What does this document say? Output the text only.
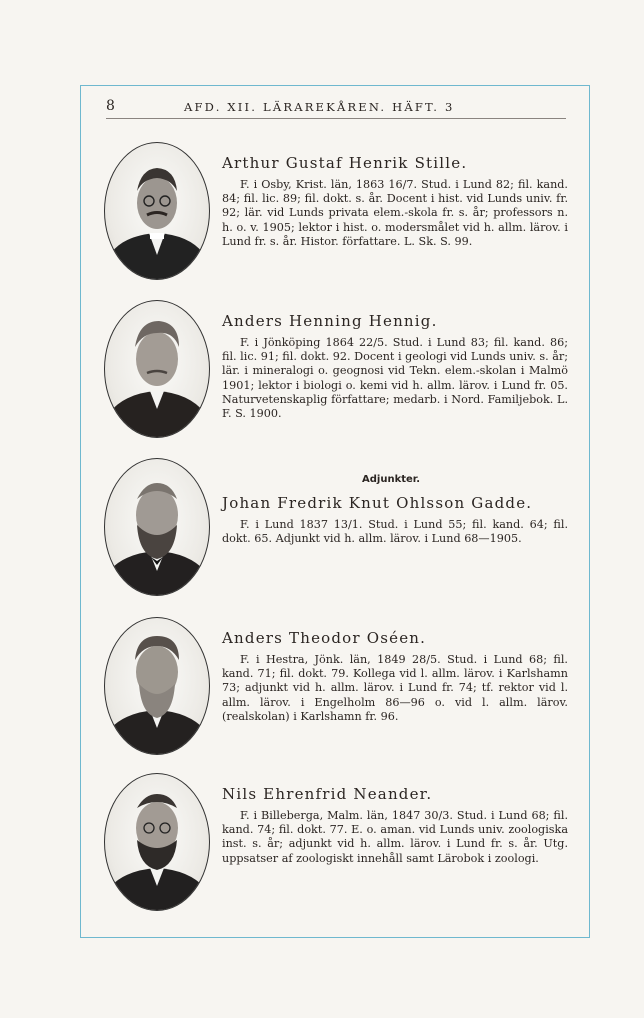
8	AFD. XII. LÄRAREKÅREN. HÄFT. 3

Arthur Gustaf Henrik Stille.

F. i Osby, Krist. län, 1863 16/7. Stud. i Lund 82; fil. kand. 84; fil. lic. 89; fil. dokt. s. år. Docent i hist. vid Lunds univ. fr. 92; lär. vid Lunds privata elem.-skola fr. s. år; professors n. h. o. v. 1905; lektor i hist. o. modersmålet vid h. allm. lärov. i Lund fr. s. år. Histor. författare. L. Sk. S. 99.

Anders Henning Hennig.

F. i Jönköping 1864 22/5. Stud. i Lund 83; fil. kand. 86; fil. lic. 91; fil. dokt. 92. Docent i geologi vid Lunds univ. s. år; lär. i mineralogi o. geognosi vid Tekn. elem.-skolan i Malmö 1901; lektor i biologi o. kemi vid h. allm. lärov. i Lund fr. 05. Naturvetenskaplig författare; medarb. i Nord. Familjebok. L. F. S. 1900.

Adjunkter.

Johan Fredrik Knut Ohlsson Gadde.

F. i Lund 1837 13/1. Stud. i Lund 55; fil. kand. 64; fil. dokt. 65. Adjunkt vid h. allm. lärov. i Lund 68—1905.

Anders Theodor Oséen.

F. i Hestra, Jönk. län, 1849 28/5. Stud. i Lund 68; fil. kand. 71; fil. dokt. 79. Kollega vid l. allm. lärov. i Karlshamn 73; adjunkt vid h. allm. lärov. i Lund fr. 74; tf. rektor vid l. allm. lärov. i Engelholm 86—96 o. vid l. allm. lärov. (realskolan) i Karlshamn fr. 96.

Nils Ehrenfrid Neander.

F. i Billeberga, Malm. län, 1847 30/3. Stud. i Lund 68; fil. kand. 74; fil. dokt. 77. E. o. aman. vid Lunds univ. zoologiska inst. s. år; adjunkt vid h. allm. lärov. i Lund fr. s. år. Utg. uppsatser af zoologiskt innehåll samt Lärobok i zoologi.
